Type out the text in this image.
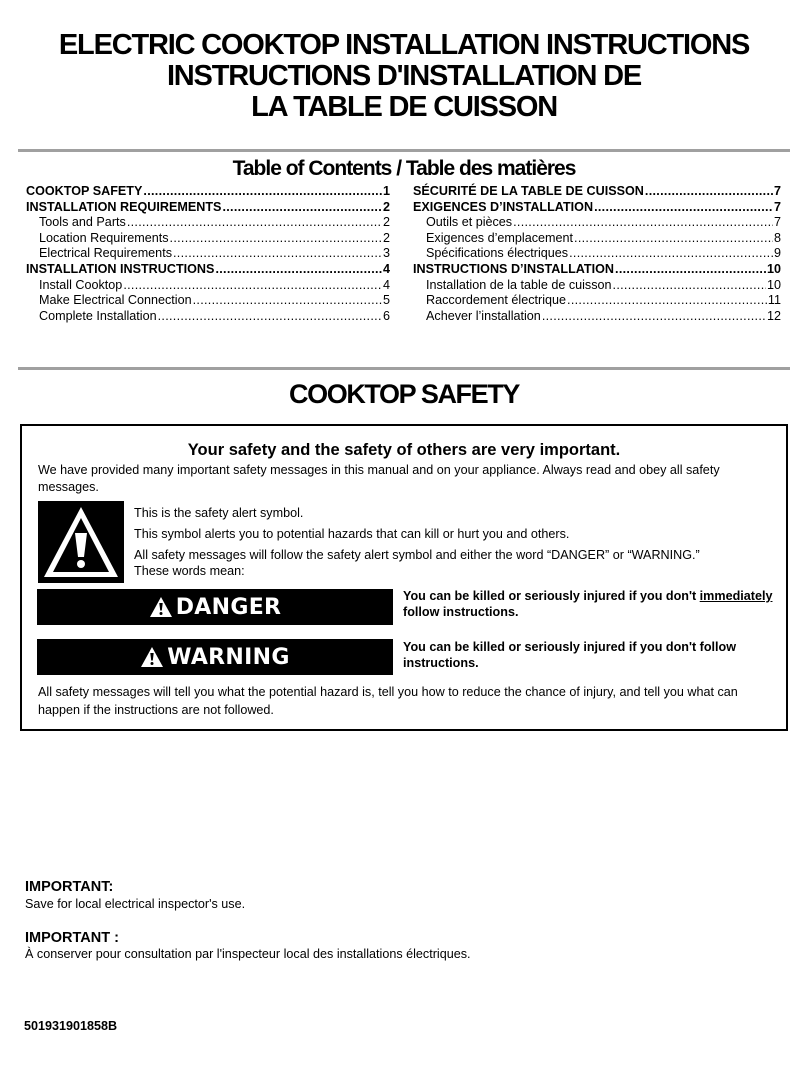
ELECTRIC COOKTOP INSTALLATION INSTRUCTIONS
INSTRUCTIONS D'INSTALLATION DE
LA TABLE DE CUISSON
Table of Contents / Table des matières
COOKTOP SAFETY .....	1
INSTALLATION REQUIREMENTS .....	2
Tools and Parts .....	2
Location Requirements .....	2
Electrical Requirements .....	3
INSTALLATION INSTRUCTIONS .....	4
Install Cooktop .....	4
Make Electrical Connection .....	5
Complete Installation .....	6
SÉCURITÉ DE LA TABLE DE CUISSON .....	7
EXIGENCES D’INSTALLATION .....	7
Outils et pièces .....	7
Exigences d’emplacement .....	8
Spécifications électriques .....	9
INSTRUCTIONS D’INSTALLATION .....	10
Installation de la table de cuisson .....	10
Raccordement électrique .....	11
Achever l’installation .....	12
COOKTOP SAFETY
Your safety and the safety of others are very important.
We have provided many important safety messages in this manual and on your appliance. Always read and obey all safety messages.
This is the safety alert symbol.
This symbol alerts you to potential hazards that can kill or hurt you and others.
All safety messages will follow the safety alert symbol and either the word “DANGER” or “WARNING.”
These words mean:
DANGER	You can be killed or seriously injured if you don't immediately follow instructions.
WARNING	You can be killed or seriously injured if you don't follow instructions.
All safety messages will tell you what the potential hazard is, tell you how to reduce the chance of injury, and tell you what can happen if the instructions are not followed.
IMPORTANT:
Save for local electrical inspector's use.
IMPORTANT :
À conserver pour consultation par l'inspecteur local des installations électriques.
501931901858B
